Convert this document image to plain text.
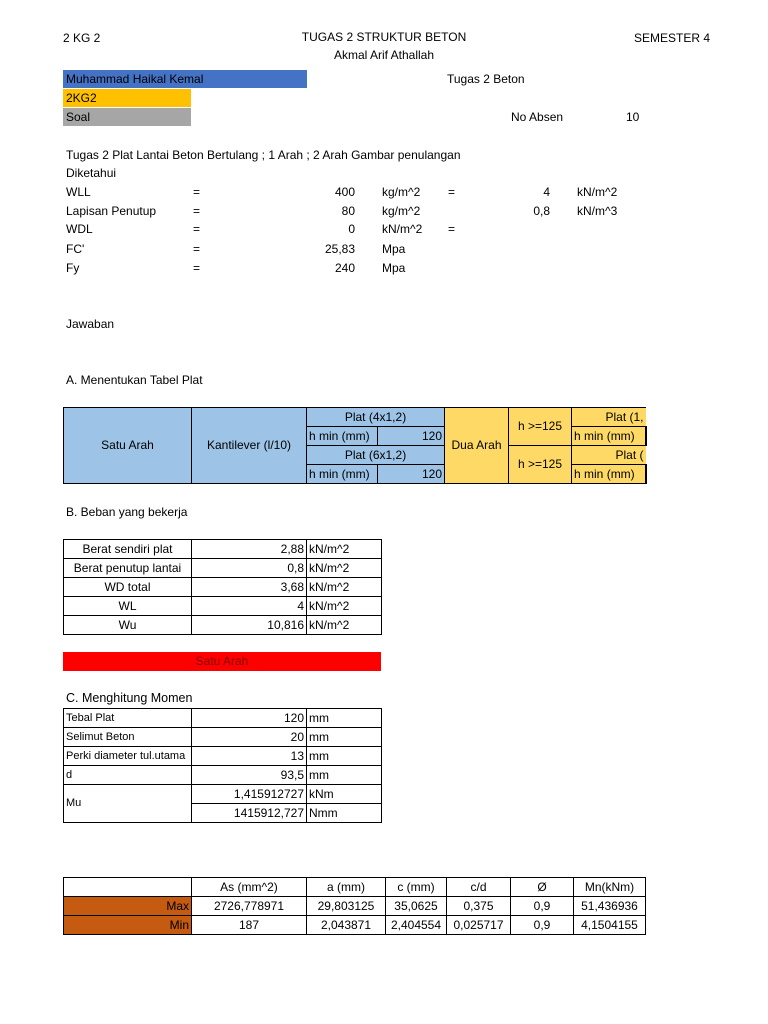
2 KG 2	TUGAS 2 STRUKTUR BETON
Akmal Arif Athallah
SEMESTER 4
Muhammad Haikal Kemal
2KG2
Soal
Tugas 2 Beton
No Absen	10
Tugas 2 Plat Lantai Beton Bertulang ; 1 Arah ; 2 Arah Gambar penulangan
Diketahui
WLL	=	400 kg/m^2 =	4 kN/m^2
Lapisan Penutup	=	80 kg/m^2	0,8 kN/m^3
WDL	=	0 kN/m^2 =
FC'	=	25,83 Mpa
Fy	=	240 Mpa
Jawaban
A. Menentukan Tabel Plat
Satu Arah	Kantilever (l/10)	Plat (4x1,2)		Dua Arah	h >=125	Plat (1,
		h min (mm)	120			h min (mm)
		Plat (6x1,2)			h >=125	Plat (
		h min (mm)	120			h min (mm)
B. Beban yang bekerja
Berat sendiri plat	2,88	kN/m^2
Berat penutup lantai	0,8	kN/m^2
WD total	3,68	kN/m^2
WL	4	kN/m^2
Wu	10,816	kN/m^2
Satu Arah
C. Menghitung Momen
Tebal Plat	120	mm
Selimut Beton	20	mm
Perki diameter tul.utama	13	mm
d	93,5	mm
Mu	1,415912727	kNm
	1415912,727	Nmm
	As (mm^2)	a (mm)	c (mm)	c/d	Ø	Mn(kNm)
Max	2726,778971	29,803125	35,0625	0,375	0,9	51,436936
Min	187	2,043871	2,404554	0,025717	0,9	4,1504155
